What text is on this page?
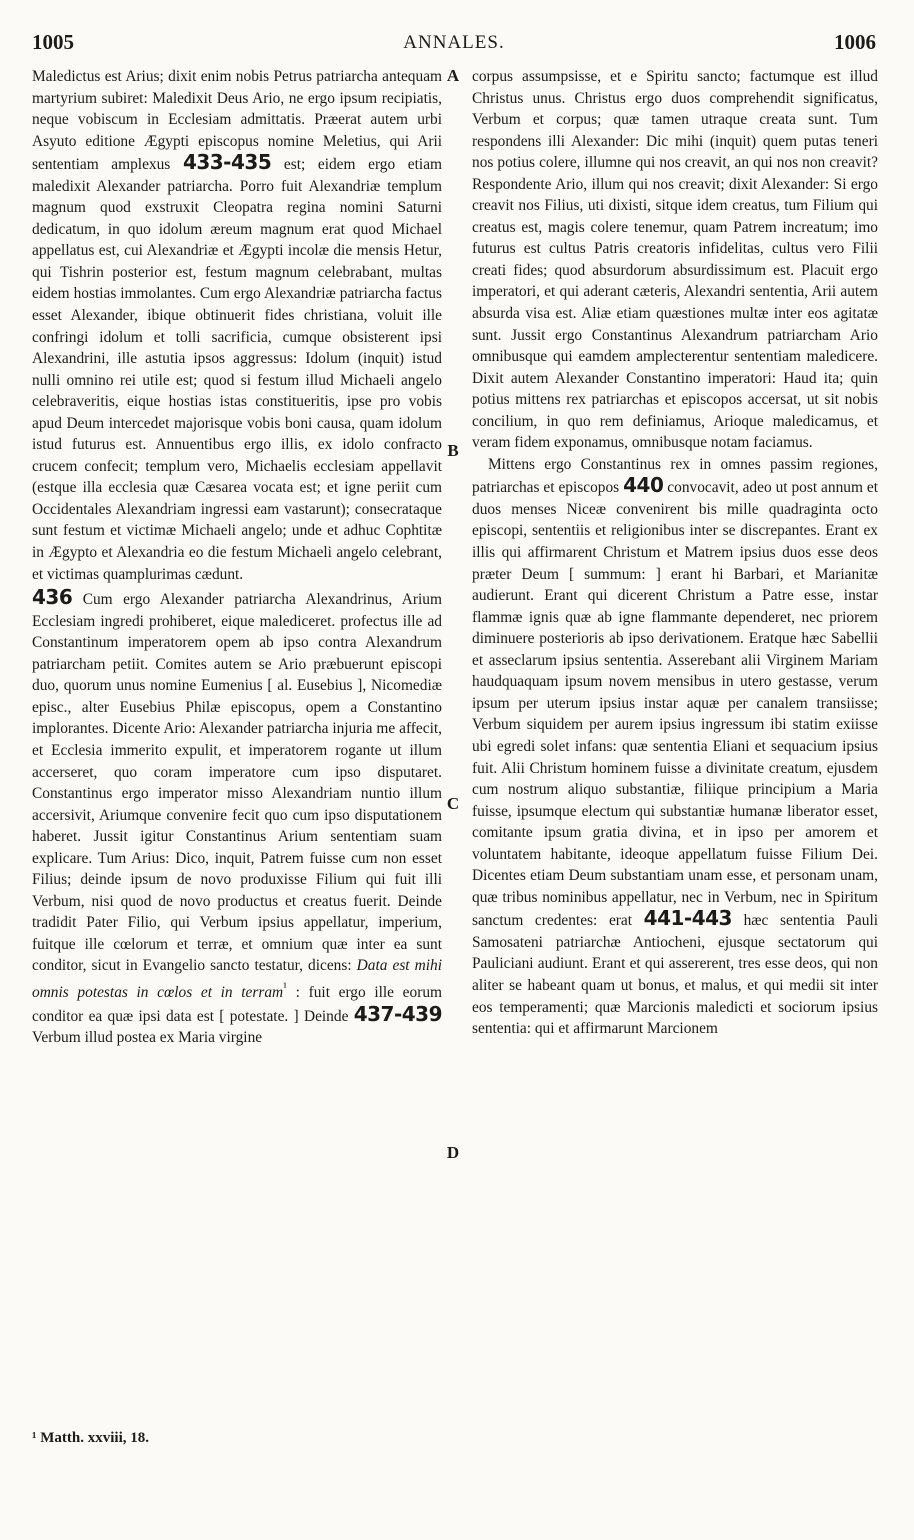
1005	ANNALES.	1006
A
B
C
D

Maledictus est Arius; dixit enim nobis Petrus patriarcha antequam martyrium subiret: Maledixit Deus Ario, ne ergo ipsum recipiatis, neque vobiscum in Ecclesiam admittatis. Præerat autem urbi Asyuto editione Ægypti episcopus nomine Meletius, qui Arii sententiam amplexus 433-435 est; eidem ergo etiam maledixit Alexander patriarcha. Porro fuit Alexandriæ templum magnum quod exstruxit Cleopatra regina nomini Saturni dedicatum, in quo idolum æreum magnum erat quod Michael appellatus est, cui Alexandriæ et Ægypti incolæ die mensis Hetur, qui Tishrin posterior est, festum magnum celebrabant, multas eidem hostias immolantes. Cum ergo Alexandriæ patriarcha factus esset Alexander, ibique obtinuerit fides christiana, voluit ille confringi idolum et tolli sacrificia, cumque obsisterent ipsi Alexandrini, ille astutia ipsos aggressus: Idolum (inquit) istud nulli omnino rei utile est; quod si festum illud Michaeli angelo celebraveritis, eique hostias istas constitueritis, ipse pro vobis apud Deum intercedet majorisque vobis boni causa, quam idolum istud futurus est. Annuentibus ergo illis, ex idolo confracto crucem confecit; templum vero, Michaelis ecclesiam appellavit (estque illa ecclesia quæ Cæsarea vocata est; et igne periit cum Occidentales Alexandriam ingressi eam vastarunt); consecrataque sunt festum et victimæ Michaeli angelo; unde et adhuc Cophtitæ in Ægypto et Alexandria eo die festum Michaeli angelo celebrant, et victimas quamplurimas cædunt.

436 Cum ergo Alexander patriarcha Alexandrinus, Arium Ecclesiam ingredi prohiberet, eique malediceret. profectus ille ad Constantinum imperatorem opem ab ipso contra Alexandrum patriarcham petiit. Comites autem se Ario præbuerunt episcopi duo, quorum unus nomine Eumenius [ al. Eusebius ], Nicomediæ episc., alter Eusebius Philæ episcopus, opem a Constantino implorantes. Dicente Ario: Alexander patriarcha injuria me affecit, et Ecclesia immerito expulit, et imperatorem rogante ut illum accerseret, quo coram imperatore cum ipso disputaret. Constantinus ergo imperator misso Alexandriam nuntio illum accersivit, Ariumque convenire fecit quo cum ipso disputationem haberet. Jussit igitur Constantinus Arium sententiam suam explicare. Tum Arius: Dico, inquit, Patrem fuisse cum non esset Filius; deinde ipsum de novo produxisse Filium qui fuit illi Verbum, nisi quod de novo productus et creatus fuerit. Deinde tradidit Pater Filio, qui Verbum ipsius appellatur, imperium, fuitque ille cœlorum et terræ, et omnium quæ inter ea sunt conditor, sicut in Evangelio sancto testatur, dicens: Data est mihi omnis potestas in cœlos et in terram$^{^1}$ : fuit ergo ille eorum conditor ea quæ ipsi data est [ potestate. ] Deinde 437-439 Verbum illud postea ex Maria virgine

corpus assumpsisse, et e Spiritu sancto; factumque est illud Christus unus. Christus ergo duos comprehendit significatus, Verbum et corpus; quæ tamen utraque creata sunt. Tum respondens illi Alexander: Dic mihi (inquit) quem putas teneri nos potius colere, illumne qui nos creavit, an qui nos non creavit? Respondente Ario, illum qui nos creavit; dixit Alexander: Si ergo creavit nos Filius, uti dixisti, sitque idem creatus, tum Filium qui creatus est, magis colere tenemur, quam Patrem increatum; imo futurus est cultus Patris creatoris infidelitas, cultus vero Filii creati fides; quod absurdorum absurdissimum est. Placuit ergo imperatori, et qui aderant cæteris, Alexandri sententia, Arii autem absurda visa est. Aliæ etiam quæstiones multæ inter eos agitatæ sunt. Jussit ergo Constantinus Alexandrum patriarcham Ario omnibusque qui eamdem amplecterentur sententiam maledicere. Dixit autem Alexander Constantino imperatori: Haud ita; quin potius mittens rex patriarchas et episcopos accersat, ut sit nobis concilium, in quo rem definiamus, Arioque maledicamus, et veram fidem exponamus, omnibusque notam faciamus.

Mittens ergo Constantinus rex in omnes passim regiones, patriarchas et episcopos 440 convocavit, adeo ut post annum et duos menses Niceæ convenirent bis mille quadraginta octo episcopi, sententiis et religionibus inter se discrepantes. Erant ex illis qui affirmarent Christum et Matrem ipsius duos esse deos præter Deum [ summum: ] erant hi Barbari, et Marianitæ audierunt. Erant qui dicerent Christum a Patre esse, instar flammæ ignis quæ ab igne flammante dependeret, nec priorem diminuere posterioris ab ipso derivationem. Eratque hæc Sabellii et asseclarum ipsius sententia. Asserebant alii Virginem Mariam haudquaquam ipsum novem mensibus in utero gestasse, verum ipsum per uterum ipsius instar aquæ per canalem transiisse; Verbum siquidem per aurem ipsius ingressum ibi statim exiisse ubi egredi solet infans: quæ sententia Eliani et sequacium ipsius fuit. Alii Christum hominem fuisse a divinitate creatum, ejusdem cum nostrum aliquo substantiæ, filiique principium a Maria fuisse, ipsumque electum qui substantiæ humanæ liberator esset, comitante ipsum gratia divina, et in ipso per amorem et voluntatem habitante, ideoque appellatum fuisse Filium Dei. Dicentes etiam Deum substantiam unam esse, et personam unam, quæ tribus nominibus appellatur, nec in Verbum, nec in Spiritum sanctum credentes: erat 441-443 hæc sententia Pauli Samosateni patriarchæ Antiocheni, ejusque sectatorum qui Pauliciani audiunt. Erant et qui assererent, tres esse deos, qui non aliter se habeant quam ut bonus, et malus, et qui medii sit inter eos temperamenti; quæ Marcionis maledicti et sociorum ipsius sententia: qui et affirmarunt Marcionem

¹ Matth. xxviii, 18.
